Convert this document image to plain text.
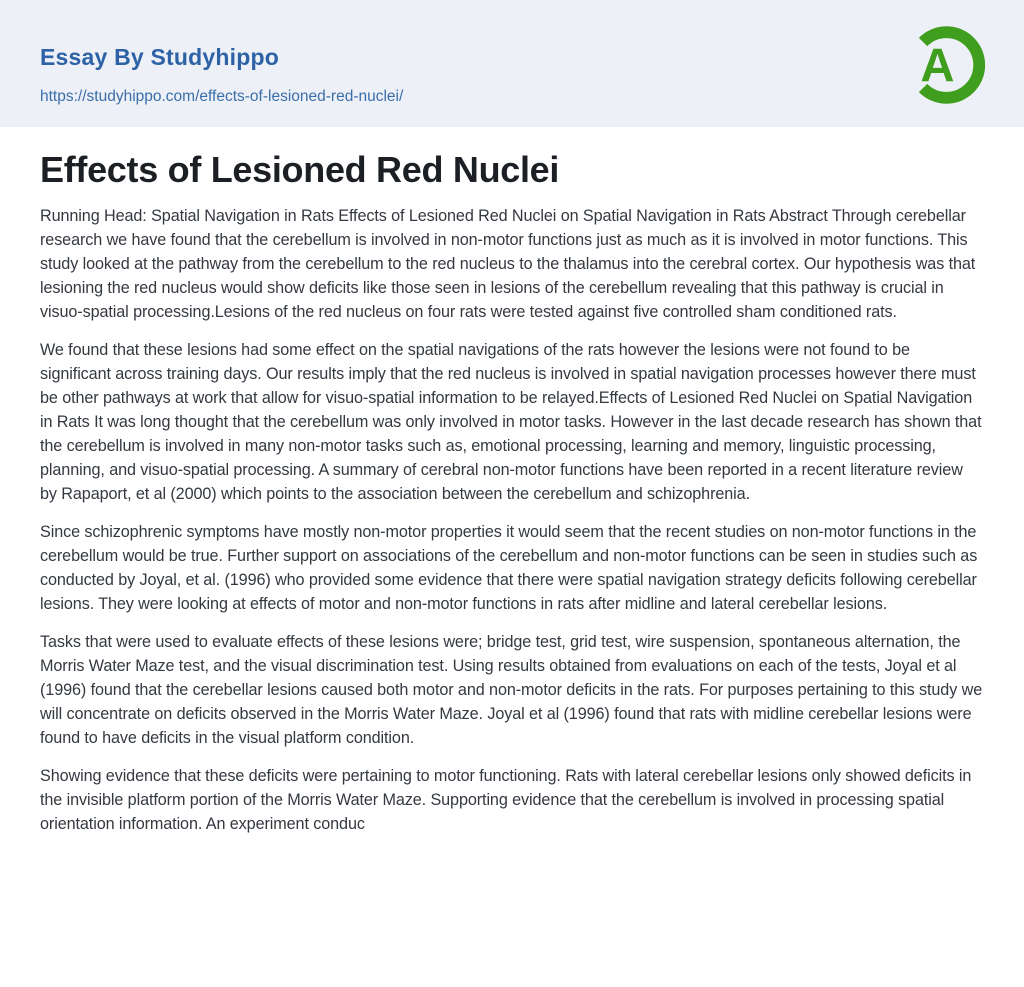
Essay By Studyhippo
https://studyhippo.com/effects-of-lesioned-red-nuclei/
A
Effects of Lesioned Red Nuclei

Running Head: Spatial Navigation in Rats Effects of Lesioned Red Nuclei on Spatial Navigation in Rats Abstract Through cerebellar research we have found that the cerebellum is involved in non-motor functions just as much as it is involved in motor functions. This study looked at the pathway from the cerebellum to the red nucleus to the thalamus into the cerebral cortex. Our hypothesis was that lesioning the red nucleus would show deficits like those seen in lesions of the cerebellum revealing that this pathway is crucial in visuo-spatial processing.Lesions of the red nucleus on four rats were tested against five controlled sham conditioned rats.

We found that these lesions had some effect on the spatial navigations of the rats however the lesions were not found to be significant across training days. Our results imply that the red nucleus is involved in spatial navigation processes however there must be other pathways at work that allow for visuo-spatial information to be relayed.Effects of Lesioned Red Nuclei on Spatial Navigation in Rats It was long thought that the cerebellum was only involved in motor tasks. However in the last decade research has shown that the cerebellum is involved in many non-motor tasks such as, emotional processing, learning and memory, linguistic processing, planning, and visuo-spatial processing. A summary of cerebral non-motor functions have been reported in a recent literature review by Rapaport, et al (2000) which points to the association between the cerebellum and schizophrenia.

Since schizophrenic symptoms have mostly non-motor properties it would seem that the recent studies on non-motor functions in the cerebellum would be true. Further support on associations of the cerebellum and non-motor functions can be seen in studies such as conducted by Joyal, et al. (1996) who provided some evidence that there were spatial navigation strategy deficits following cerebellar lesions. They were looking at effects of motor and non-motor functions in rats after midline and lateral cerebellar lesions.

Tasks that were used to evaluate effects of these lesions were; bridge test, grid test, wire suspension, spontaneous alternation, the Morris Water Maze test, and the visual discrimination test. Using results obtained from evaluations on each of the tests, Joyal et al (1996) found that the cerebellar lesions caused both motor and non-motor deficits in the rats. For purposes pertaining to this study we will concentrate on deficits observed in the Morris Water Maze. Joyal et al (1996) found that rats with midline cerebellar lesions were found to have deficits in the visual platform condition.

Showing evidence that these deficits were pertaining to motor functioning. Rats with lateral cerebellar lesions only showed deficits in the invisible platform portion of the Morris Water Maze. Supporting evidence that the cerebellum is involved in processing spatial orientation information. An experiment conduc
